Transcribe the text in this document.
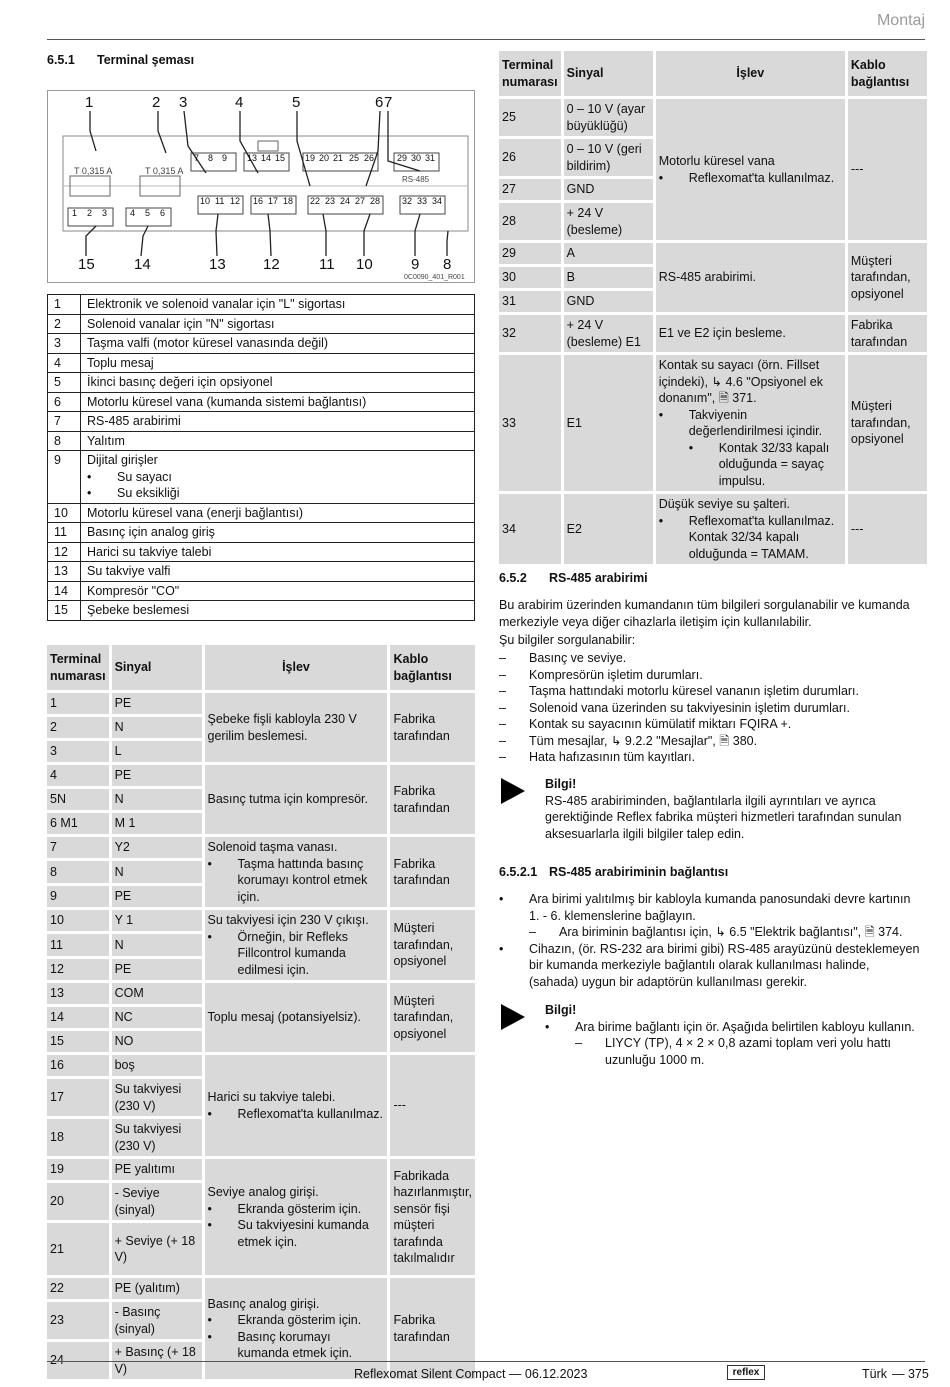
Montaj
6.5.1	Terminal şeması
1	2 3	4	5	6 7
15	14	13 12	11 10	9 8
T 0,315 A	T 0,315 A
RS-485
0C0090_401_R001
7 8 9 13 14 15 19 20 21 25 26	29 30 31
10 11 12 16 17 18 22 23 24 27 28 32 33 34
1 2 3	4 5 6
1	Elektronik ve solenoid vanalar için "L" sigortası

2	Solenoid vanalar için "N" sigortası

3	Taşma valfi (motor küresel vanasında değil)

4	Toplu mesaj

5	İkinci basınç değeri için opsiyonel

6	Motorlu küresel vana (kumanda sistemi bağlantısı)

7	RS-485 arabirimi

8	Yalıtım

9	Dijital girişler
• Su sayacı
• Su eksikliği

10	Motorlu küresel vana (enerji bağlantısı)

11	Basınç için analog giriş

12	Harici su takviye talebi

13	Su takviye valfi

14	Kompresör "CO"

15	Şebeke beslemesi
Terminal numarası	Sinyal	İşlev	Kablo bağlantısı
1	PE	Şebeke fişli kabloyla 230 V gerilim beslemesi.	Fabrika tarafından
2	N		
3	L		
4	PE	Basınç tutma için kompresör.	Fabrika tarafından
5N	N		
6 M1	M 1		
7	Y2	Solenoid taşma vanası.
• Taşma hattında basınç korumayı kontrol etmek için.	Fabrika tarafından
8	N		
9	PE		
10	Y 1	Su takviyesi için 230 V çıkışı.
• Örneğin, bir Refleks Fillcontrol kumanda edilmesi için.	Müşteri tarafından, opsiyonel
11	N		
12	PE		
13	COM	Toplu mesaj (potansiyelsiz).	Müşteri tarafından, opsiyonel
14	NC		
15	NO		
16	boş	Harici su takviye talebi.
• Reflexomat'ta kullanılmaz.	---
17	Su takviyesi (230 V)		
18	Su takviyesi (230 V)		
19	PE yalıtımı	Seviye analog girişi.
• Ekranda gösterim için.
• Su takviyesini kumanda etmek için.	Fabrikada hazırlanmıştır, sensör fişi müşteri tarafında takılmalıdır
20	- Seviye (sinyal)		
21	+ Seviye (+ 18 V)		
22	PE (yalıtım)	Basınç analog girişi.
• Ekranda gösterim için.
• Basınç korumayı kumanda etmek için.	Fabrika tarafından
23	- Basınç (sinyal)		
24	+ Basınç (+ 18 V)		
Terminal numarası	Sinyal	İşlev	Kablo bağlantısı
25	0 – 10 V (ayar büyüklüğü)	Motorlu küresel vana
• Reflexomat'ta kullanılmaz.	---
26	0 – 10 V (geri bildirim)		
27	GND		
28	+ 24 V (besleme)		
29	A	RS-485 arabirimi.	Müşteri tarafından, opsiyonel
30	B		
31	GND		
32	+ 24 V (besleme) E1	E1 ve E2 için besleme.	Fabrika tarafından
33	E1	Kontak su sayacı (örn. Fillset içindeki), ↳ 4.6 "Opsiyonel ek donanım", 🗎 371.
• Takviyenin değerlendirilmesi içindir.
• Kontak 32/33 kapalı olduğunda = sayaç impulsu.	Müşteri tarafından, opsiyonel
34	E2	Düşük seviye su şalteri.
• Reflexomat'ta kullanılmaz.
Kontak 32/34 kapalı olduğunda = TAMAM.	---
6.5.2	RS-485 arabirimi
Bu arabirim üzerinden kumandanın tüm bilgileri sorgulanabilir ve kumanda merkeziyle veya diğer cihazlarla iletişim için kullanılabilir.
Şu bilgiler sorgulanabilir:
–	Basınç ve seviye.
–	Kompresörün işletim durumları.
–	Taşma hattındaki motorlu küresel vananın işletim durumları.
–	Solenoid vana üzerinden su takviyesinin işletim durumları.
–	Kontak su sayacının kümülatif miktarı FQIRA +.
–	Tüm mesajlar, ↳ 9.2.2 "Mesajlar", 🗎 380.
–	Hata hafızasının tüm kayıtları.
Bilgi!
RS-485 arabiriminden, bağlantılarla ilgili ayrıntıları ve ayrıca gerektiğinde Reflex fabrika müşteri hizmetleri tarafından sunulan aksesuarlarla ilgili bilgiler talep edin.
6.5.2.1 RS-485 arabiriminin bağlantısı
•	Ara birimi yalıtılmış bir kabloyla kumanda panosundaki devre kartının 1. - 6. klemenslerine bağlayın.
–	Ara biriminin bağlantısı için, ↳ 6.5 "Elektrik bağlantısı", 🗎 374.
•	Cihazın, (ör. RS-232 ara birimi gibi) RS-485 arayüzünü desteklemeyen bir kumanda merkeziyle bağlantılı olarak kullanılması halinde, (sahada) uygun bir adaptörün kullanılması gerekir.
Bilgi!
•	Ara birime bağlantı için ör. Aşağıda belirtilen kabloyu kullanın.
–	LIYCY (TP), 4 × 2 × 0,8 azami toplam veri yolu hattı uzunluğu 1000 m.
Reflexomat Silent Compact — 06.12.2023	reflex	Türk — 375
